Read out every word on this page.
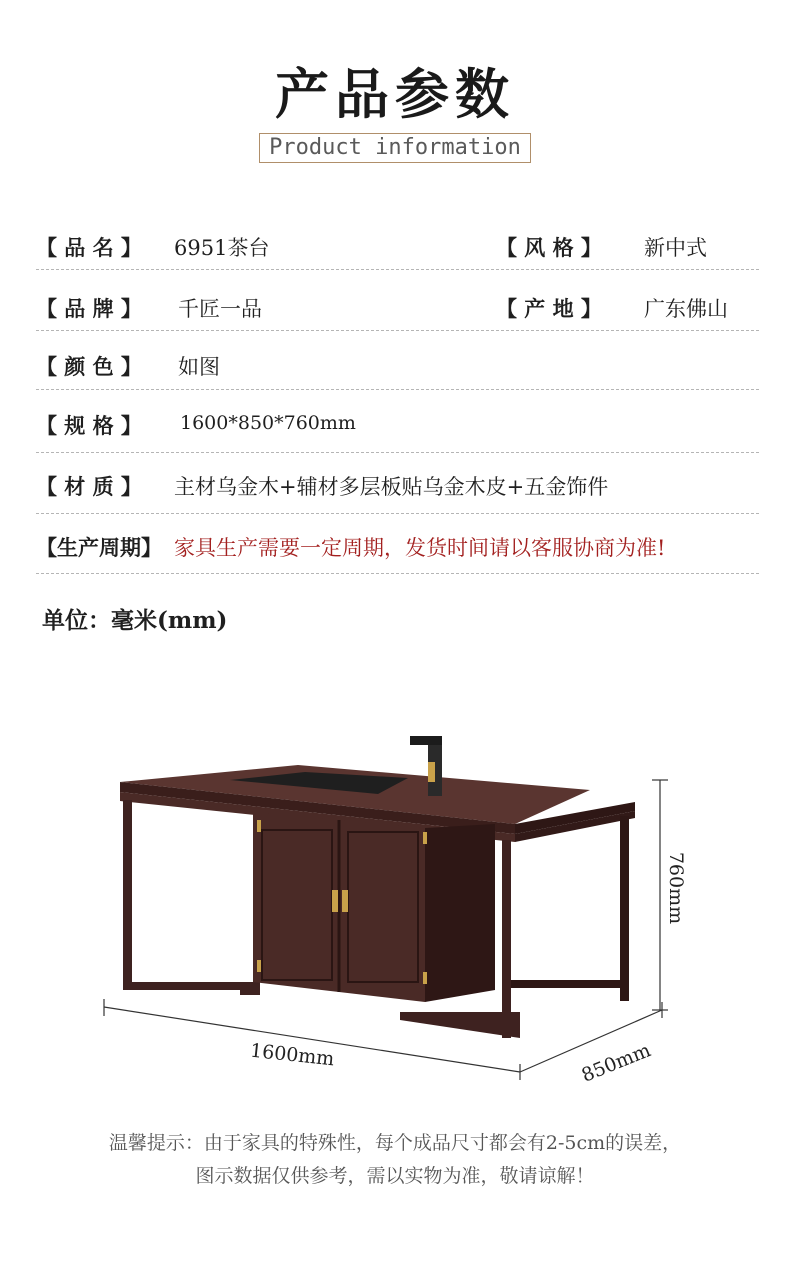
产品参数
Product information
【 品 名 】 6951茶台	【 风 格 】 新中式
【 品 牌 】 千匠一品	【 产 地 】 广东佛山
【 颜 色 】 如图
【 规 格 】 1600*850*760mm
【 材 质 】 主材乌金木+辅材多层板贴乌金木皮+五金饰件
【生产周期】 家具生产需要一定周期，发货时间请以客服协商为准!
单位：毫米(mm)
1600mm	850mm
760mm
温馨提示：由于家具的特殊性，每个成品尺寸都会有2-5cm的误差，
图示数据仅供参考，需以实物为准，敬请谅解！
